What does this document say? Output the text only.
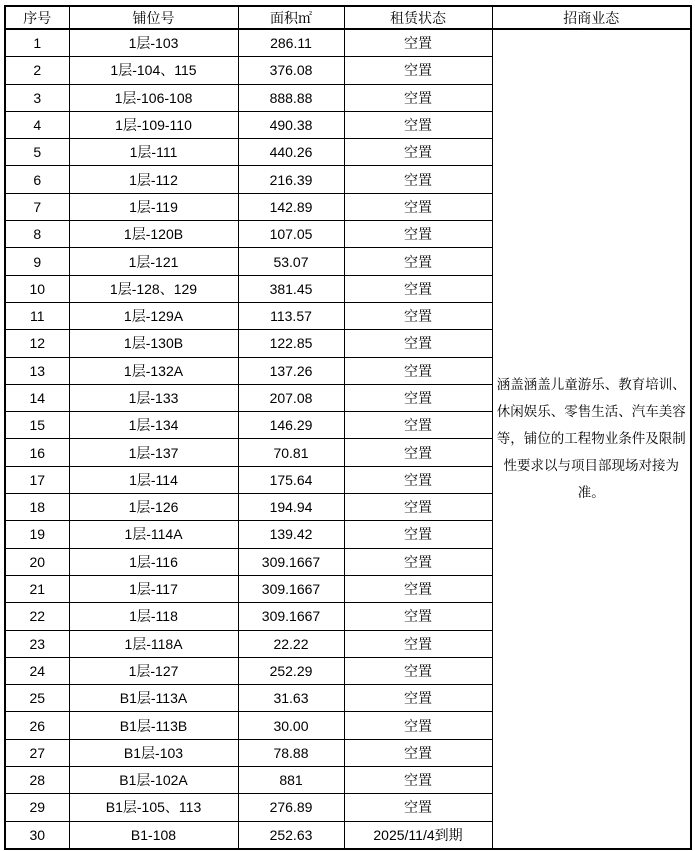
序号	铺位号	面积㎡	租赁状态	招商业态
1	1层-103	286.11	空置	涵盖涵盖儿童游乐、教育培训、休闲娱乐、零售生活、汽车美容等，铺位的工程物业条件及限制性要求以与项目部现场对接为准。
2	1层-104、115	376.08	空置	
3	1层-106-108	888.88	空置	
4	1层-109-110	490.38	空置	
5	1层-111	440.26	空置	
6	1层-112	216.39	空置	
7	1层-119	142.89	空置	
8	1层-120B	107.05	空置	
9	1层-121	53.07	空置	
10	1层-128、129	381.45	空置	
11	1层-129A	113.57	空置	
12	1层-130B	122.85	空置	
13	1层-132A	137.26	空置	
14	1层-133	207.08	空置	
15	1层-134	146.29	空置	
16	1层-137	70.81	空置	
17	1层-114	175.64	空置	
18	1层-126	194.94	空置	
19	1层-114A	139.42	空置	
20	1层-116	309.1667	空置	
21	1层-117	309.1667	空置	
22	1层-118	309.1667	空置	
23	1层-118A	22.22	空置	
24	1层-127	252.29	空置	
25	B1层-113A	31.63	空置	
26	B1层-113B	30.00	空置	
27	B1层-103	78.88	空置	
28	B1层-102A	881	空置	
29	B1层-105、113	276.89	空置	
30	B1-108	252.63	2025/11/4到期	
